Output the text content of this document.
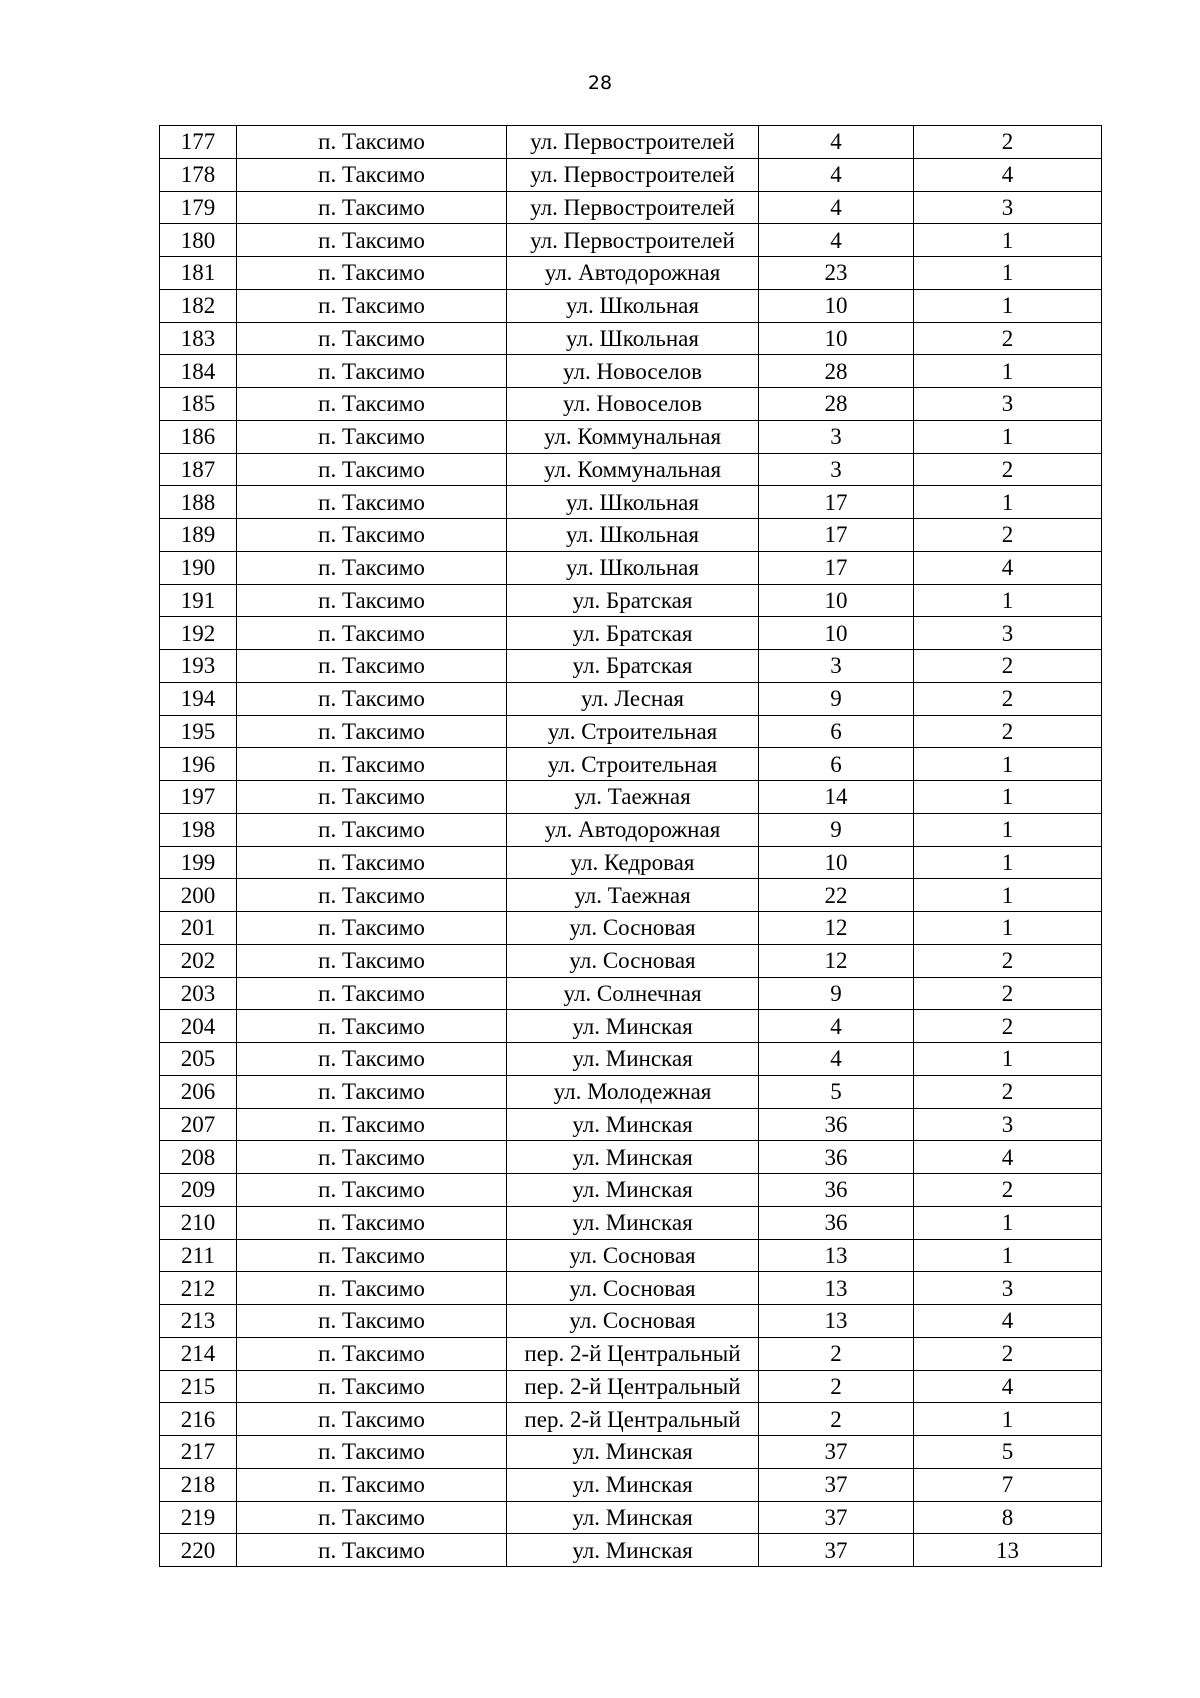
28
177	п. Таксимо	ул. Первостроителей	4	2
178	п. Таксимо	ул. Первостроителей	4	4
179	п. Таксимо	ул. Первостроителей	4	3
180	п. Таксимо	ул. Первостроителей	4	1
181	п. Таксимо	ул. Автодорожная	23	1
182	п. Таксимо	ул. Школьная	10	1
183	п. Таксимо	ул. Школьная	10	2
184	п. Таксимо	ул. Новоселов	28	1
185	п. Таксимо	ул. Новоселов	28	3
186	п. Таксимо	ул. Коммунальная	3	1
187	п. Таксимо	ул. Коммунальная	3	2
188	п. Таксимо	ул. Школьная	17	1
189	п. Таксимо	ул. Школьная	17	2
190	п. Таксимо	ул. Школьная	17	4
191	п. Таксимо	ул. Братская	10	1
192	п. Таксимо	ул. Братская	10	3
193	п. Таксимо	ул. Братская	3	2
194	п. Таксимо	ул. Лесная	9	2
195	п. Таксимо	ул. Строительная	6	2
196	п. Таксимо	ул. Строительная	6	1
197	п. Таксимо	ул. Таежная	14	1
198	п. Таксимо	ул. Автодорожная	9	1
199	п. Таксимо	ул. Кедровая	10	1
200	п. Таксимо	ул. Таежная	22	1
201	п. Таксимо	ул. Сосновая	12	1
202	п. Таксимо	ул. Сосновая	12	2
203	п. Таксимо	ул. Солнечная	9	2
204	п. Таксимо	ул. Минская	4	2
205	п. Таксимо	ул. Минская	4	1
206	п. Таксимо	ул. Молодежная	5	2
207	п. Таксимо	ул. Минская	36	3
208	п. Таксимо	ул. Минская	36	4
209	п. Таксимо	ул. Минская	36	2
210	п. Таксимо	ул. Минская	36	1
211	п. Таксимо	ул. Сосновая	13	1
212	п. Таксимо	ул. Сосновая	13	3
213	п. Таксимо	ул. Сосновая	13	4
214	п. Таксимо	пер. 2-й Центральный	2	2
215	п. Таксимо	пер. 2-й Центральный	2	4
216	п. Таксимо	пер. 2-й Центральный	2	1
217	п. Таксимо	ул. Минская	37	5
218	п. Таксимо	ул. Минская	37	7
219	п. Таксимо	ул. Минская	37	8
220	п. Таксимо	ул. Минская	37	13
